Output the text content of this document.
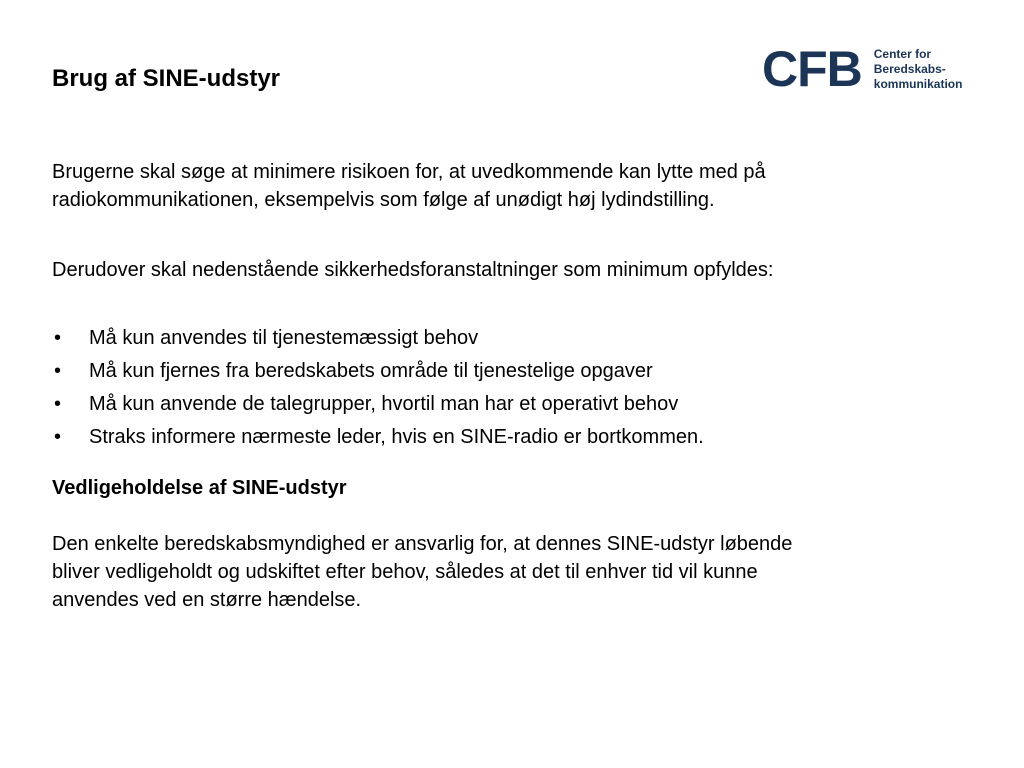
Brug af SINE-udstyr	CFB Center for
Beredskabs-
kommunikation

Brugerne skal søge at minimere risikoen for, at uvedkommende kan lytte med på radiokommunikationen, eksempelvis som følge af unødigt høj lydindstilling.

Derudover skal nedenstående sikkerhedsforanstaltninger som minimum opfyldes:

• Må kun anvendes til tjenestemæssigt behov
• Må kun fjernes fra beredskabets område til tjenestelige opgaver
• Må kun anvende de talegrupper, hvortil man har et operativt behov
• Straks informere nærmeste leder, hvis en SINE-radio er bortkommen.

Vedligeholdelse af SINE-udstyr

Den enkelte beredskabsmyndighed er ansvarlig for, at dennes SINE-udstyr løbende bliver vedligeholdt og udskiftet efter behov, således at det til enhver tid vil kunne anvendes ved en større hændelse.
